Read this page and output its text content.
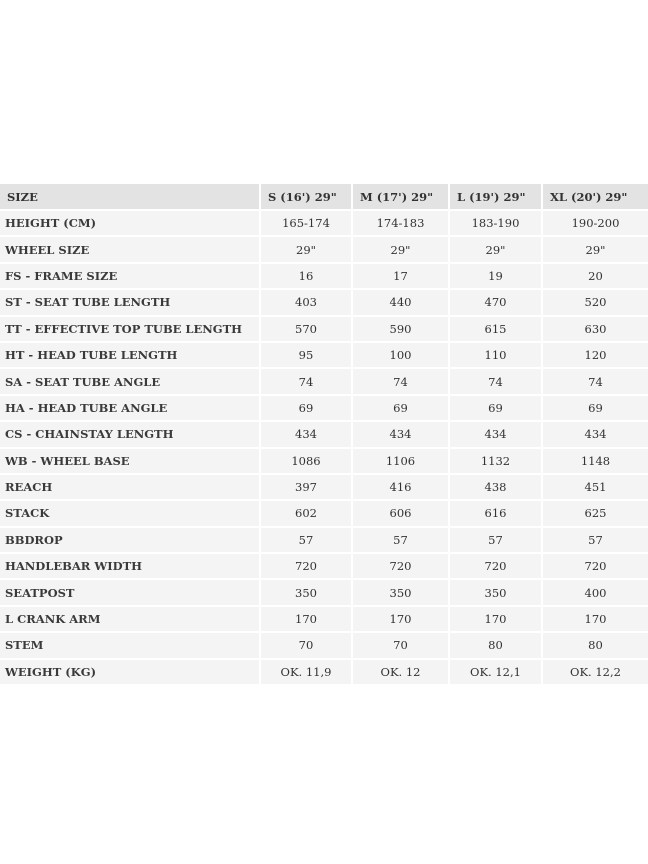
SIZE	S (16') 29"	M (17') 29"	L (19') 29"	XL (20') 29"
HEIGHT (CM)	165-174	174-183	183-190	190-200
WHEEL SIZE	29"	29"	29"	29"
FS - FRAME SIZE	16	17	19	20
ST - SEAT TUBE LENGTH	403	440	470	520
TT - EFFECTIVE TOP TUBE LENGTH	570	590	615	630
HT - HEAD TUBE LENGTH	95	100	110	120
SA - SEAT TUBE ANGLE	74	74	74	74
HA - HEAD TUBE ANGLE	69	69	69	69
CS - CHAINSTAY LENGTH	434	434	434	434
WB - WHEEL BASE	1086	1106	1132	1148
REACH	397	416	438	451
STACK	602	606	616	625
BBDROP	57	57	57	57
HANDLEBAR WIDTH	720	720	720	720
SEATPOST	350	350	350	400
L CRANK ARM	170	170	170	170
STEM	70	70	80	80
WEIGHT (KG)	OK. 11,9	OK. 12	OK. 12,1	OK. 12,2
